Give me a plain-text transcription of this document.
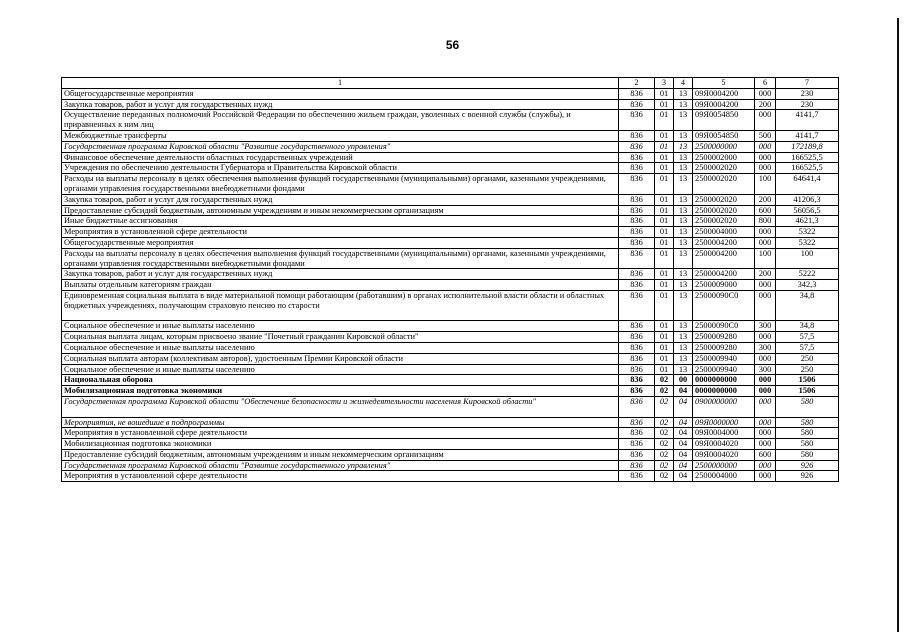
56
1	2	3	4	5	6	7
Общегосударственные мероприятия	836	01	13	09Я0004200	000	230
Закупка товаров, работ и услуг для государственных нужд	836	01	13	09Я0004200	200	230
Осуществление переданных полномочий Российской Федерации по обеспечению жильем граждан, уволенных с военной службы (службы), и приравненных к ним лиц	836	01	13	09Я0054850	000	4141,7
Межбюджетные трансферты	836	01	13	09Я0054850	500	4141,7
Государственная программа Кировской области "Развитие государственного управления"	836	01	13	2500000000	000	172189,8
Финансовое обеспечение деятельности областных государственных учреждений	836	01	13	2500002000	000	166525,5
Учреждения по обеспечению деятельности Губернатора и Правительства Кировской области	836	01	13	2500002020	000	166525,5
Расходы на выплаты персоналу в целях обеспечения выполнения функций государственными (муниципальными) органами, казенными учреждениями, органами управления государственными внебюджетными фондами	836	01	13	2500002020	100	64641,4
Закупка товаров, работ и услуг для государственных нужд	836	01	13	2500002020	200	41206,3
Предоставление субсидий бюджетным, автономным учреждениям и иным некоммерческим организациям	836	01	13	2500002020	600	56056,5
Иные бюджетные ассигнования	836	01	13	2500002020	800	4621,3
Мероприятия в установленной сфере деятельности	836	01	13	2500004000	000	5322
Общегосударственные мероприятия	836	01	13	2500004200	000	5322
Расходы на выплаты персоналу в целях обеспечения выполнения функций государственными (муниципальными) органами, казенными учреждениями, органами управления государственными внебюджетными фондами	836	01	13	2500004200	100	100
Закупка товаров, работ и услуг для государственных нужд	836	01	13	2500004200	200	5222
Выплаты отдельным категориям граждан	836	01	13	2500009000	000	342,3
Единовременная социальная выплата в виде материальной помощи работающим (работавшим) в органах исполнительной власти области и областных бюджетных учреждениях, получающим страховую пенсию по старости	836	01	13	25000090С0	000	34,8
Социальное обеспечение и иные выплаты населению	836	01	13	25000090С0	300	34,8
Социальная выплата лицам, которым присвоено звание "Почетный гражданин Кировской области"	836	01	13	2500009280	000	57,5
Социальное обеспечение и иные выплаты населению	836	01	13	2500009280	300	57,5
Социальная выплата авторам (коллективам авторов), удостоенным Премии Кировской области	836	01	13	2500009940	000	250
Социальное обеспечение и иные выплаты населению	836	01	13	2500009940	300	250
Национальная оборона	836	02	00	0000000000	000	1506
Мобилизационная подготовка экономики	836	02	04	0000000000	000	1506
Государственная программа Кировской области "Обеспечение безопасности и жизнедеятельности населения Кировской области"	836	02	04	0900000000	000	580
Мероприятия, не вошедшие в подпрограммы	836	02	04	09Я0000000	000	580
Мероприятия в установленной сфере деятельности	836	02	04	09Я0004000	000	580
Мобилизационная подготовка экономики	836	02	04	09Я0004020	000	580
Предоставление субсидий бюджетным, автономным учреждениям и иным некоммерческим организациям	836	02	04	09Я0004020	600	580
Государственная программа Кировской области "Развитие государственного управления"	836	02	04	2500000000	000	926
Мероприятия в установленной сфере деятельности	836	02	04	2500004000	000	926
